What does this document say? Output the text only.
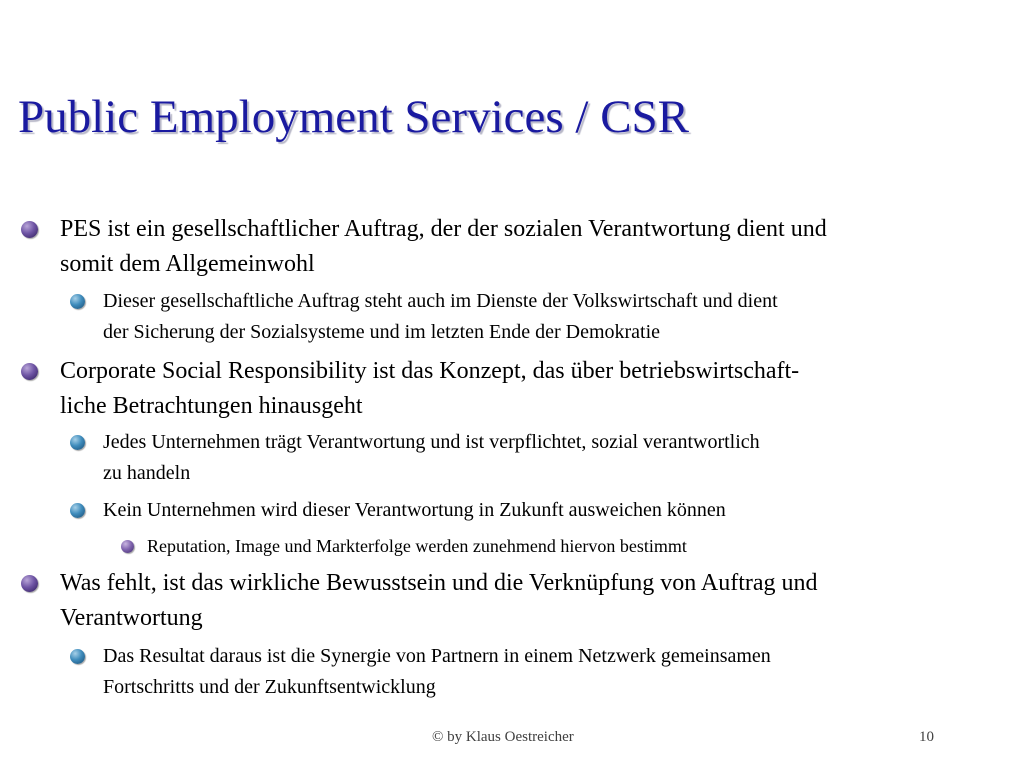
Public Employment Services / CSR
PES ist ein gesellschaftlicher Auftrag, der der sozialen Verantwortung dient und
somit dem Allgemeinwohl
Dieser gesellschaftliche Auftrag steht auch im Dienste der Volkswirtschaft und dient
der Sicherung der Sozialsysteme und im letzten Ende der Demokratie
Corporate Social Responsibility ist das Konzept, das über betriebswirtschaft-
liche Betrachtungen hinausgeht
Jedes Unternehmen trägt Verantwortung und ist verpflichtet, sozial verantwortlich
zu handeln
Kein Unternehmen wird dieser Verantwortung in Zukunft ausweichen können
Reputation, Image und Markterfolge werden zunehmend hiervon bestimmt
Was fehlt, ist das wirkliche Bewusstsein und die Verknüpfung von Auftrag und
Verantwortung
Das Resultat daraus ist die Synergie von Partnern in einem Netzwerk gemeinsamen
Fortschritts und der Zukunftsentwicklung
© by Klaus Oestreicher	10
